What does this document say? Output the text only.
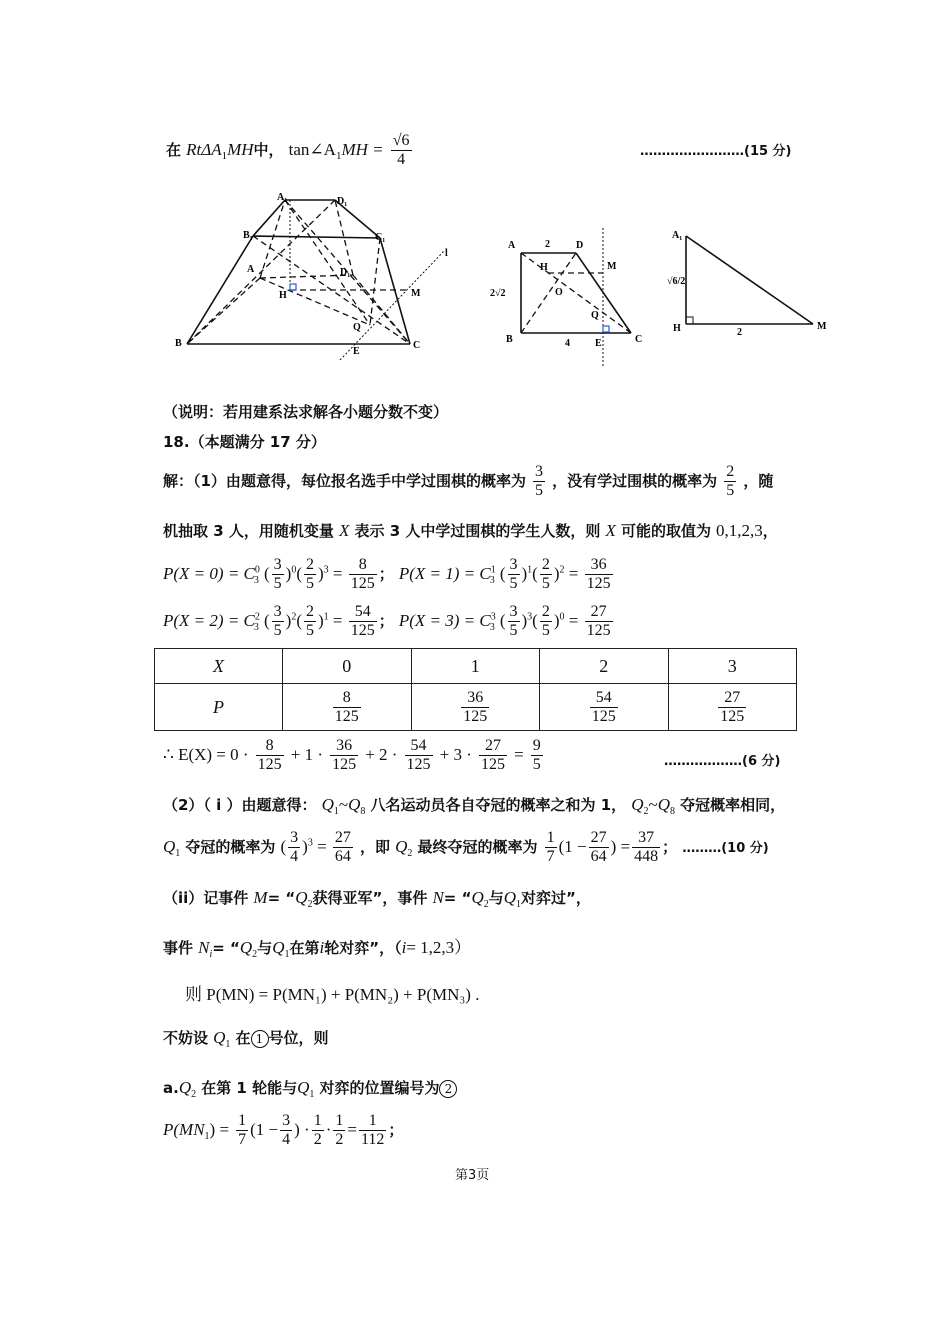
在 RtΔA$_1$MH中， $\tan\angle A_1MH = \frac{√6}{4}$	……………………(15 分)
A₁	D₁
B₁	C₁
A	D₁
H	M
Q
B	C
E
l
A	D
2
H	M
O
2√2
Q
B	4	E	C
A₁
√6/2
H	2
M
（说明：若用建系法求解各小题分数不变）
18.（本题满分 17 分）
解：（1）由题意得，每位报名选手中学过围棋的概率为 $\frac{3}{5}$ ，没有学过围棋的概率为 $\frac{2}{5}$ ，随
机抽取 3 人，用随机变量 X 表示 3 人中学过围棋的学生人数，则 X 可能的取值为 0,1,2,3，
$P(X = 0) = C^0_3$ ( $\frac{3}{5} )^0( \frac{2}{5} )^3 = \frac{8}{125}$ ； $P(X = 1) = C^1_3$ ( $\frac{3}{5} )^1( \frac{2}{5} )^2 = \frac{36}{125}$
$P(X = 2) = C^2_3$ ( $\frac{3}{5} )^2( \frac{2}{5} )^1 = \frac{54}{125}$ ； $P(X = 3) = C^3_3$ ( $\frac{3}{5} )^3( \frac{2}{5} )^0 = \frac{27}{125}$
X	0	1	2	3
P	$\frac{8}{125}$	$\frac{36}{125}$	$\frac{54}{125}$	$\frac{27}{125}$
∴ $E(X) = 0 \cdot \frac{8}{125} + 1 \cdot \frac{36}{125} + 2 \cdot \frac{54}{125} + 3 \cdot \frac{27}{125} = \frac{9}{5}$	………………(6 分)
（2）（ i ）由题意得： $Q_1\sim Q_8$ 八名运动员各自夺冠的概率之和为 1， $Q_2\sim Q_8$ 夺冠概率相同，
$Q_1$ 夺冠的概率为 ( $\frac{3}{4} )^3 = \frac{27}{64}$ ，即 $Q_2$ 最终夺冠的概率为 $\frac{1}{7} (1 - \frac{27}{64}$ ) = $\frac{37}{448}$ ； ………(10 分)
（ii）记事件 $M= “Q_2$获得亚军”，事件 $N= “Q_2$与$Q_1$对弈过”，
事件 $N_i=$ “$Q_2$与$Q_1$在第i轮对弈”，（i= 1,2,3）
则 P(MN) = P(MN₁) + P(MN₂) + P(MN₃) .
不妨设 $Q_1$ 在 1 号位，则
$a.Q_2$ 在第 1 轮能与$Q_1$ 对弈的位置编号为 2
$P(MN_1) = \frac{1}{7} (1 - \frac{3}{4}$ ) · $\frac{1}{2} \cdot \frac{1}{2} = \frac{1}{112}$ ；
第3页
